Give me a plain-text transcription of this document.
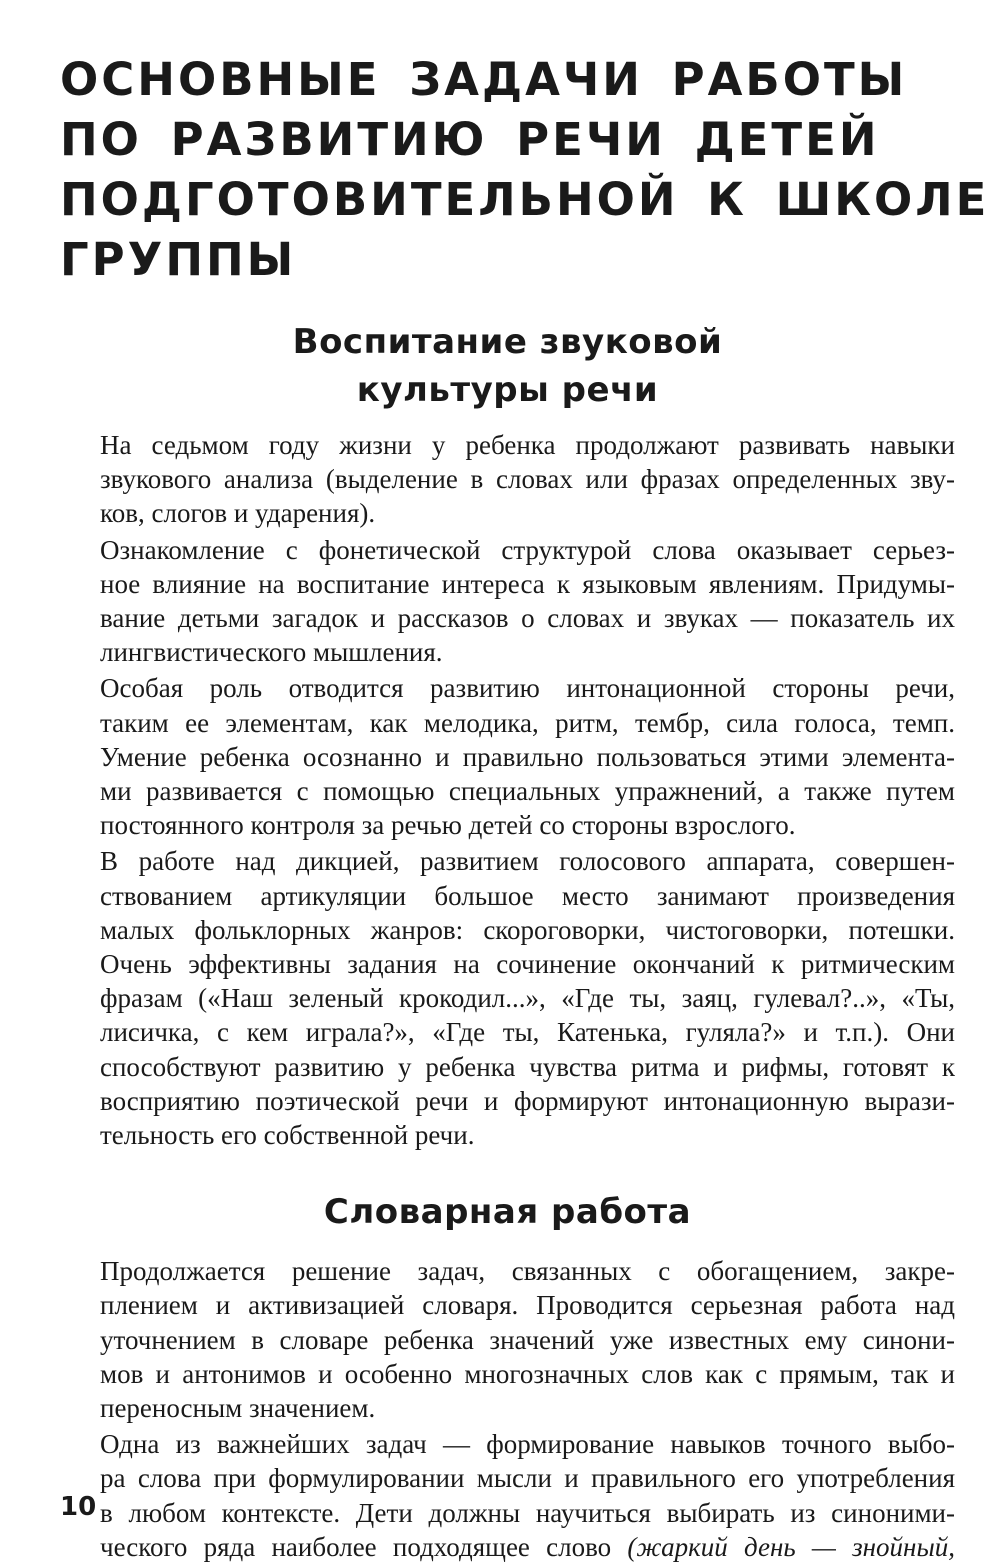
ОСНОВНЫЕ ЗАДАЧИ РАБОТЫ
ПО РАЗВИТИЮ РЕЧИ ДЕТЕЙ
ПОДГОТОВИТЕЛЬНОЙ К ШКОЛЕ
ГРУППЫ
Воспитание звуковой
культуры речи

На седьмом году жизни у ребенка продолжают развивать навыки
звукового анализа (выделение в словах или фразах определенных зву-
ков, слогов и ударения).

Ознакомление с фонетической структурой слова оказывает серьез-
ное влияние на воспитание интереса к языковым явлениям. Придумы-
вание детьми загадок и рассказов о словах и звуках — показатель их
лингвистического мышления.

Особая роль отводится развитию интонационной стороны речи,
таким ее элементам, как мелодика, ритм, тембр, сила голоса, темп.
Умение ребенка осознанно и правильно пользоваться этими элемента-
ми развивается с помощью специальных упражнений, а также путем
постоянного контроля за речью детей со стороны взрослого.

В работе над дикцией, развитием голосового аппарата, совершен-
ствованием артикуляции большое место занимают произведения
малых фольклорных жанров: скороговорки, чистоговорки, потешки.
Очень эффективны задания на сочинение окончаний к ритмическим
фразам («Наш зеленый крокодил...», «Где ты, заяц, гулевал?..», «Ты,
лисичка, с кем играла?», «Где ты, Катенька, гуляла?» и т.п.). Они
способствуют развитию у ребенка чувства ритма и рифмы, готовят к
восприятию поэтической речи и формируют интонационную вырази-
тельность его собственной речи.

Словарная работа

Продолжается решение задач, связанных с обогащением, закре-
плением и активизацией словаря. Проводится серьезная работа над
уточнением в словаре ребенка значений уже известных ему синони-
мов и антонимов и особенно многозначных слов как с прямым, так и
переносным значением.

Одна из важнейших задач — формирование навыков точного выбо-
ра слова при формулировании мысли и правильного его употребления
в любом контексте. Дети должны научиться выбирать из синоними-
ческого ряда наиболее подходящее слово (жаркий день — знойный,

10
